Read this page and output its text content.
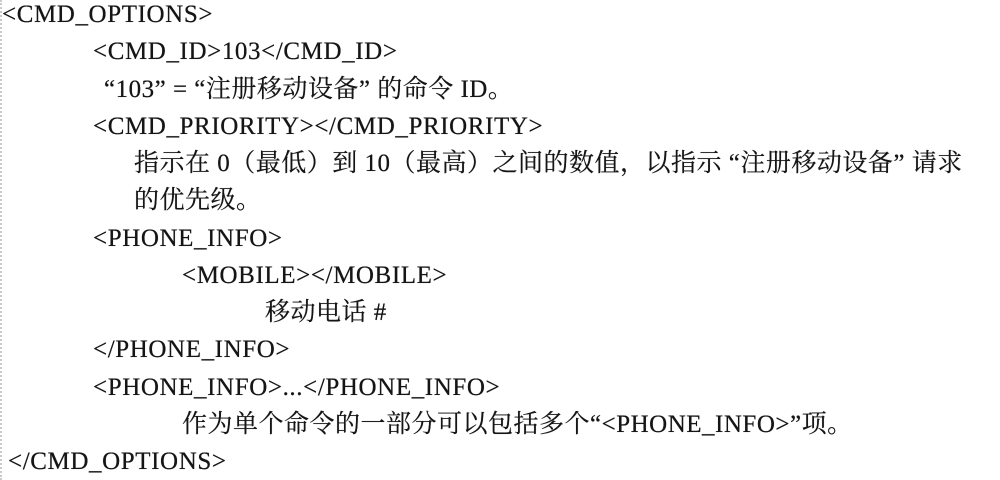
<CMD_OPTIONS>
<CMD_ID>103</CMD_ID>
“103” = “注册移动设备” 的命令 ID。
<CMD_PRIORITY></CMD_PRIORITY>
指示在 0（最低）到 10（最高）之间的数值，以指示 “注册移动设备” 请求
的优先级。
<PHONE_INFO>
<MOBILE></MOBILE>
移动电话 #
</PHONE_INFO>
<PHONE_INFO>...</PHONE_INFO>
作为单个命令的一部分可以包括多个“<PHONE_INFO>”项。
</CMD_OPTIONS>
